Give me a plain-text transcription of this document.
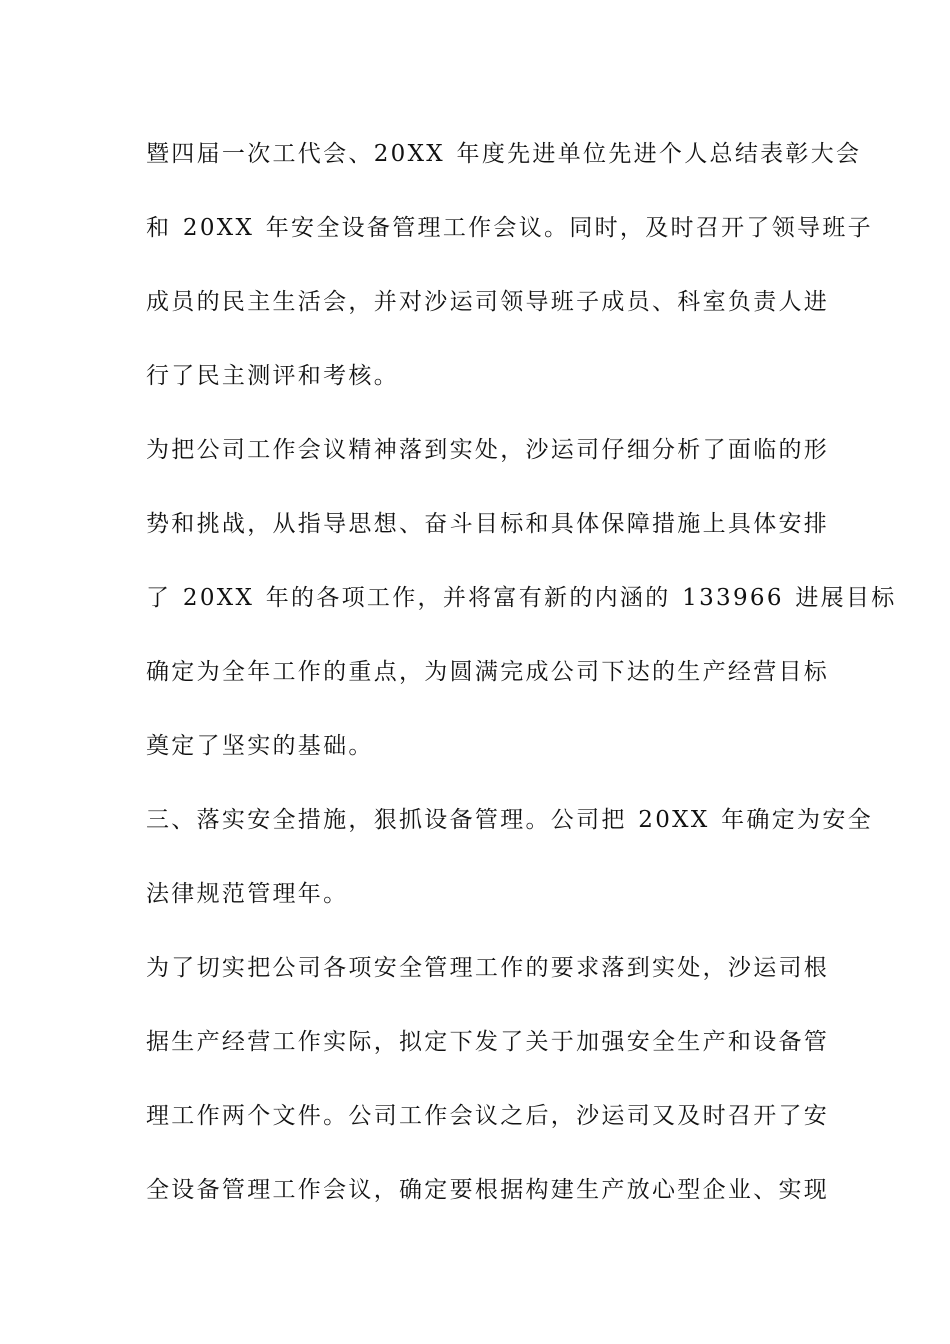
暨四届一次工代会、20XX 年度先进单位先进个人总结表彰大会
和 20XX 年安全设备管理工作会议。同时，及时召开了领导班子
成员的民主生活会，并对沙运司领导班子成员、科室负责人进
行了民主测评和考核。
为把公司工作会议精神落到实处，沙运司仔细分析了面临的形
势和挑战，从指导思想、奋斗目标和具体保障措施上具体安排
了 20XX 年的各项工作，并将富有新的内涵的 133966 进展目标
确定为全年工作的重点，为圆满完成公司下达的生产经营目标
奠定了坚实的基础。
三、落实安全措施，狠抓设备管理。公司把 20XX 年确定为安全
法律规范管理年。
为了切实把公司各项安全管理工作的要求落到实处，沙运司根
据生产经营工作实际，拟定下发了关于加强安全生产和设备管
理工作两个文件。公司工作会议之后，沙运司又及时召开了安
全设备管理工作会议，确定要根据构建生产放心型企业、实现
